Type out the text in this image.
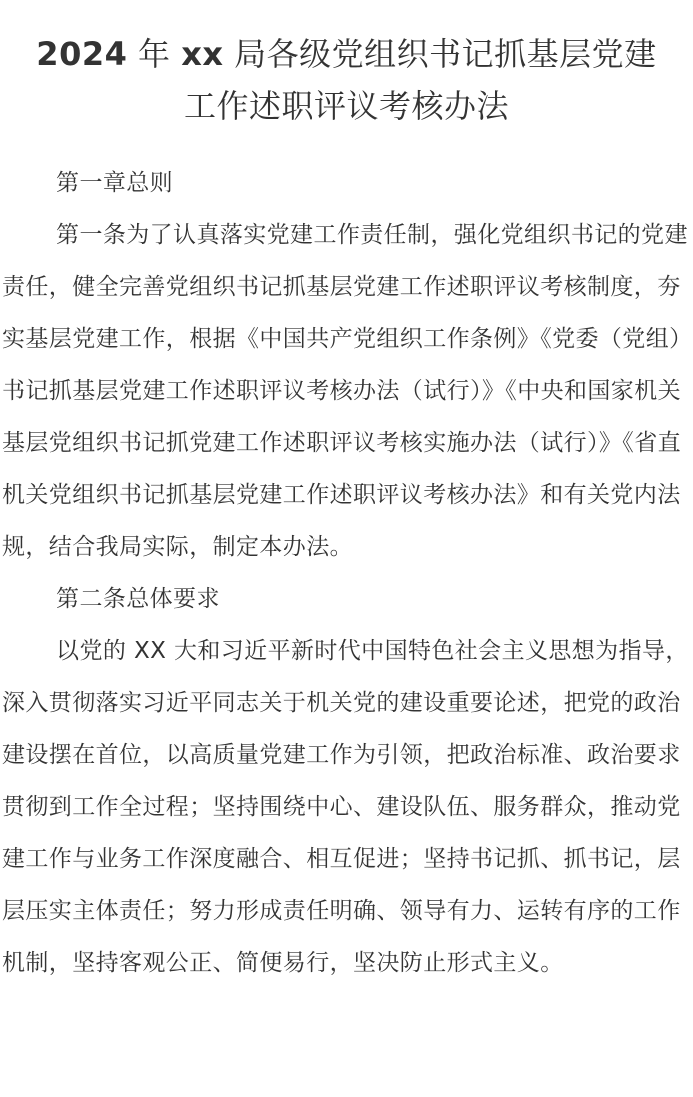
2024 年 xx 局各级党组织书记抓基层党建
工作述职评议考核办法

第一章总则

第一条为了认真落实党建工作责任制，强化党组织书记的党建责任，健全完善党组织书记抓基层党建工作述职评议考核制度，夯实基层党建工作，根据《中国共产党组织工作条例》《党委（党组）书记抓基层党建工作述职评议考核办法（试行）》《中央和国家机关基层党组织书记抓党建工作述职评议考核实施办法（试行）》《省直机关党组织书记抓基层党建工作述职评议考核办法》和有关党内法规，结合我局实际，制定本办法。

第二条总体要求

以党的 XX 大和习近平新时代中国特色社会主义思想为指导，深入贯彻落实习近平同志关于机关党的建设重要论述，把党的政治建设摆在首位，以高质量党建工作为引领，把政治标准、政治要求贯彻到工作全过程；坚持围绕中心、建设队伍、服务群众，推动党建工作与业务工作深度融合、相互促进；坚持书记抓、抓书记，层层压实主体责任；努力形成责任明确、领导有力、运转有序的工作机制，坚持客观公正、简便易行，坚决防止形式主义。
